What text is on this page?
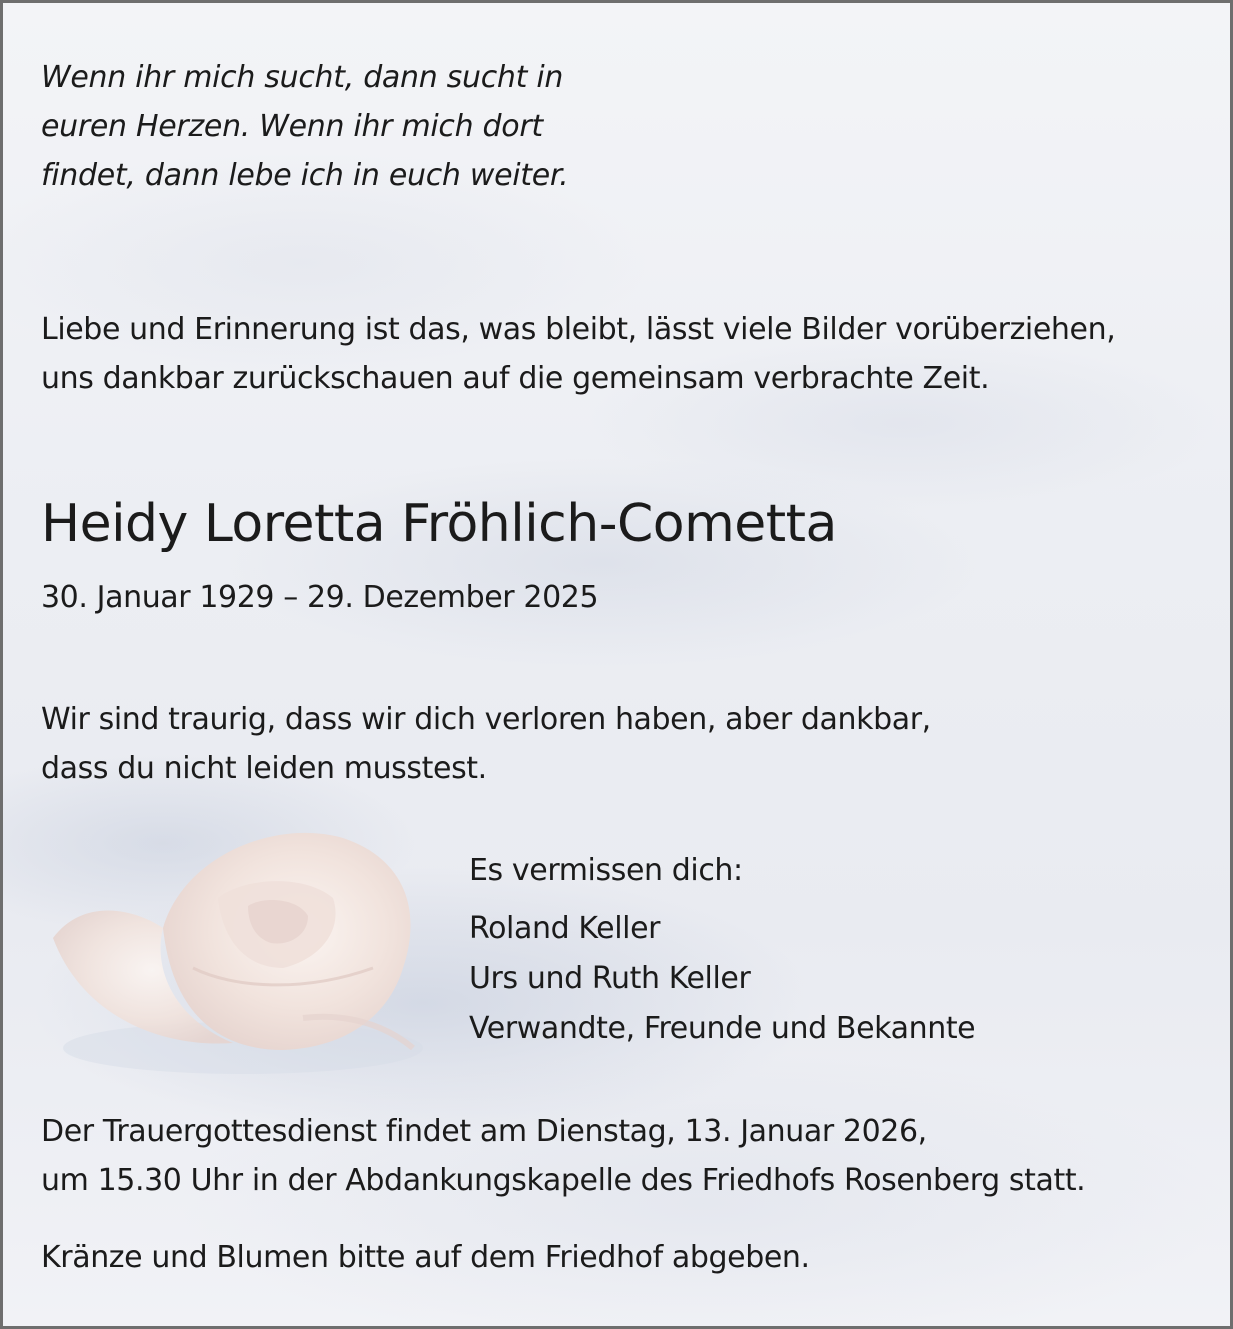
Wenn ihr mich sucht, dann sucht in
euren Herzen. Wenn ihr mich dort
findet, dann lebe ich in euch weiter.

Liebe und Erinnerung ist das, was bleibt, lässt viele Bilder vorüberziehen,
uns dankbar zurückschauen auf die gemeinsam verbrachte Zeit.

Heidy Loretta Fröhlich-Cometta

30. Januar 1929 – 29. Dezember 2025

Wir sind traurig, dass wir dich verloren haben, aber dankbar,
dass du nicht leiden musstest.

Es vermissen dich:
Roland Keller
Urs und Ruth Keller
Verwandte, Freunde und Bekannte

Der Trauergottesdienst findet am Dienstag, 13. Januar 2026,
um 15.30 Uhr in der Abdankungskapelle des Friedhofs Rosenberg statt.

Kränze und Blumen bitte auf dem Friedhof abgeben.
